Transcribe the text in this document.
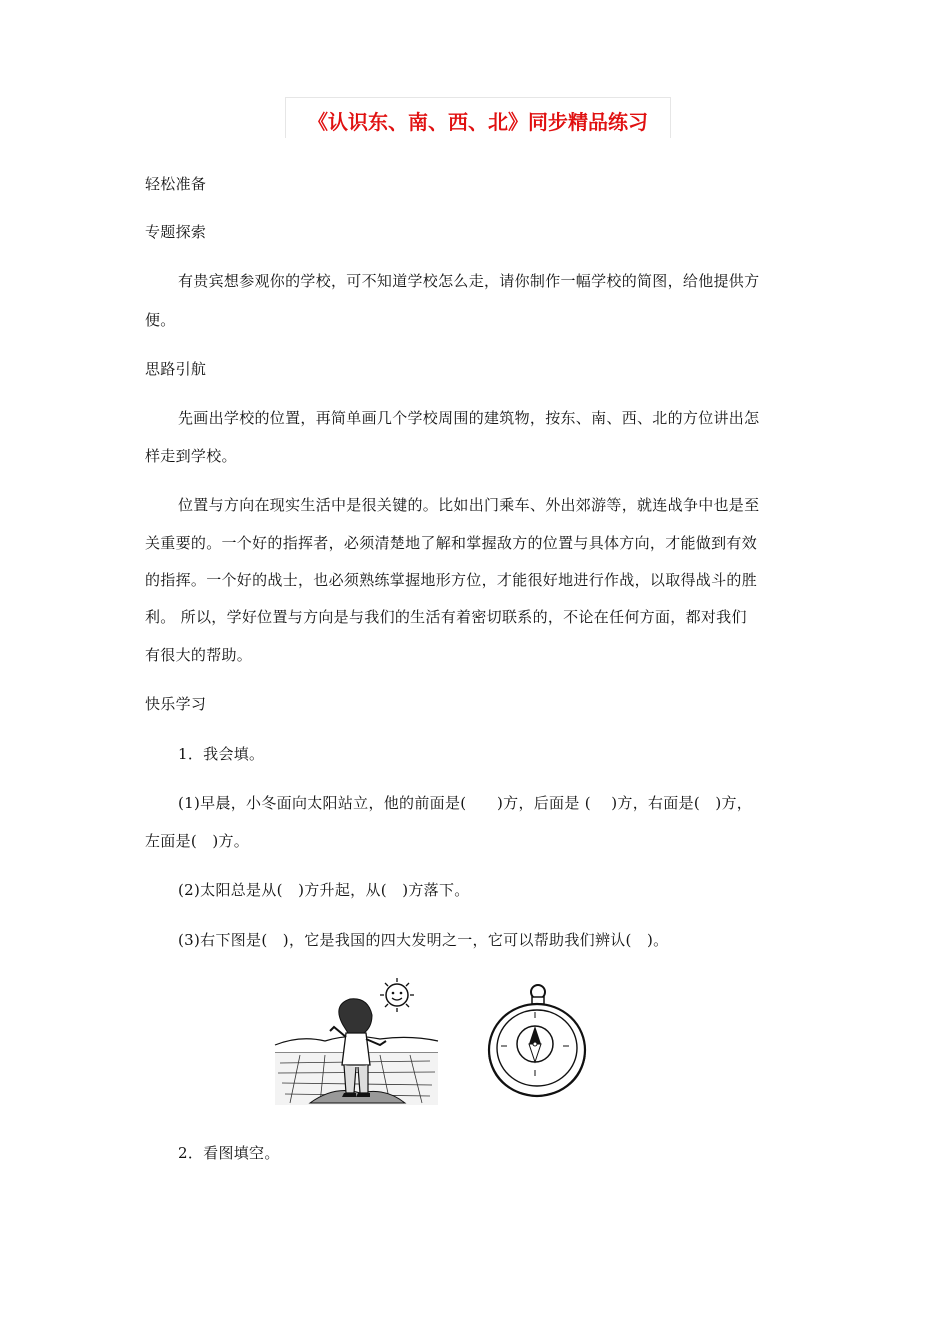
《认识东、南、西、北》同步精品练习
轻松准备
专题探索
有贵宾想参观你的学校，可不知道学校怎么走，请你制作一幅学校的简图，给他提供方
便。
思路引航
先画出学校的位置，再简单画几个学校周围的建筑物，按东、南、西、北的方位讲出怎
样走到学校。
位置与方向在现实生活中是很关键的。比如出门乘车、外出郊游等，就连战争中也是至
关重要的。一个好的指挥者，必须清楚地了解和掌握敌方的位置与具体方向，才能做到有效
的指挥。一个好的战士，也必须熟练掌握地形方位，才能很好地进行作战，以取得战斗的胜
利。 所以，学好位置与方向是与我们的生活有着密切联系的，不论在任何方面，都对我们
有很大的帮助。
快乐学习
1．我会填。
(1)早晨，小冬面向太阳站立，他的前面是(　　)方，后面是 (　 )方，右面是(　)方，
左面是(　)方。
(2)太阳总是从(　)方升起，从(　)方落下。
(3)右下图是(　)，它是我国的四大发明之一，它可以帮助我们辨认(　)。
2．看图填空。
